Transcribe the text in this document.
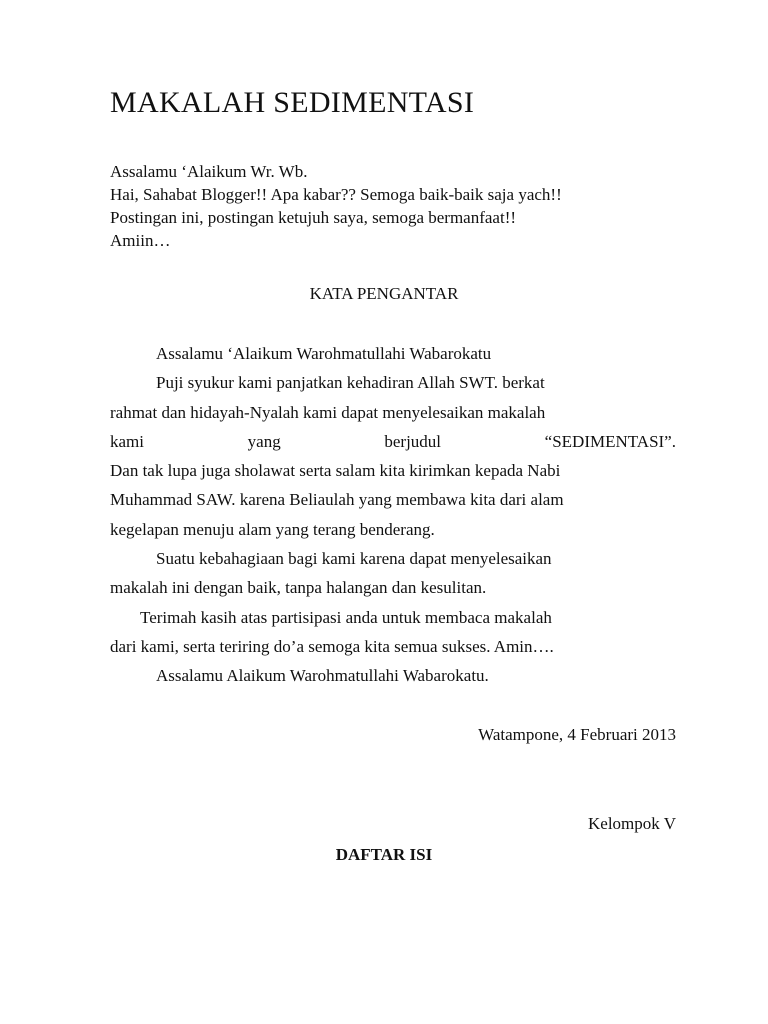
MAKALAH SEDIMENTASI
Assalamu ‘Alaikum Wr. Wb.
Hai, Sahabat Blogger!! Apa kabar?? Semoga baik-baik saja yach!!
Postingan ini, postingan ketujuh saya, semoga bermanfaat!!
Amiin…
KATA PENGANTAR
Assalamu ‘Alaikum Warohmatullahi Wabarokatu
Puji syukur kami panjatkan kehadiran Allah SWT. berkat
rahmat dan hidayah-Nyalah kami dapat menyelesaikan makalah
kami	yang	berjudul	“SEDIMENTASI”.
Dan tak lupa juga sholawat serta salam kita kirimkan kepada Nabi
Muhammad SAW. karena Beliaulah yang membawa kita dari alam
kegelapan menuju alam yang terang benderang.
Suatu kebahagiaan bagi kami karena dapat menyelesaikan
makalah ini dengan baik, tanpa halangan dan kesulitan.
Terimah kasih atas partisipasi anda untuk membaca makalah
dari kami, serta teriring do’a semoga kita semua sukses. Amin….
Assalamu Alaikum Warohmatullahi Wabarokatu.
Watampone, 4 Februari 2013
Kelompok V
DAFTAR ISI
